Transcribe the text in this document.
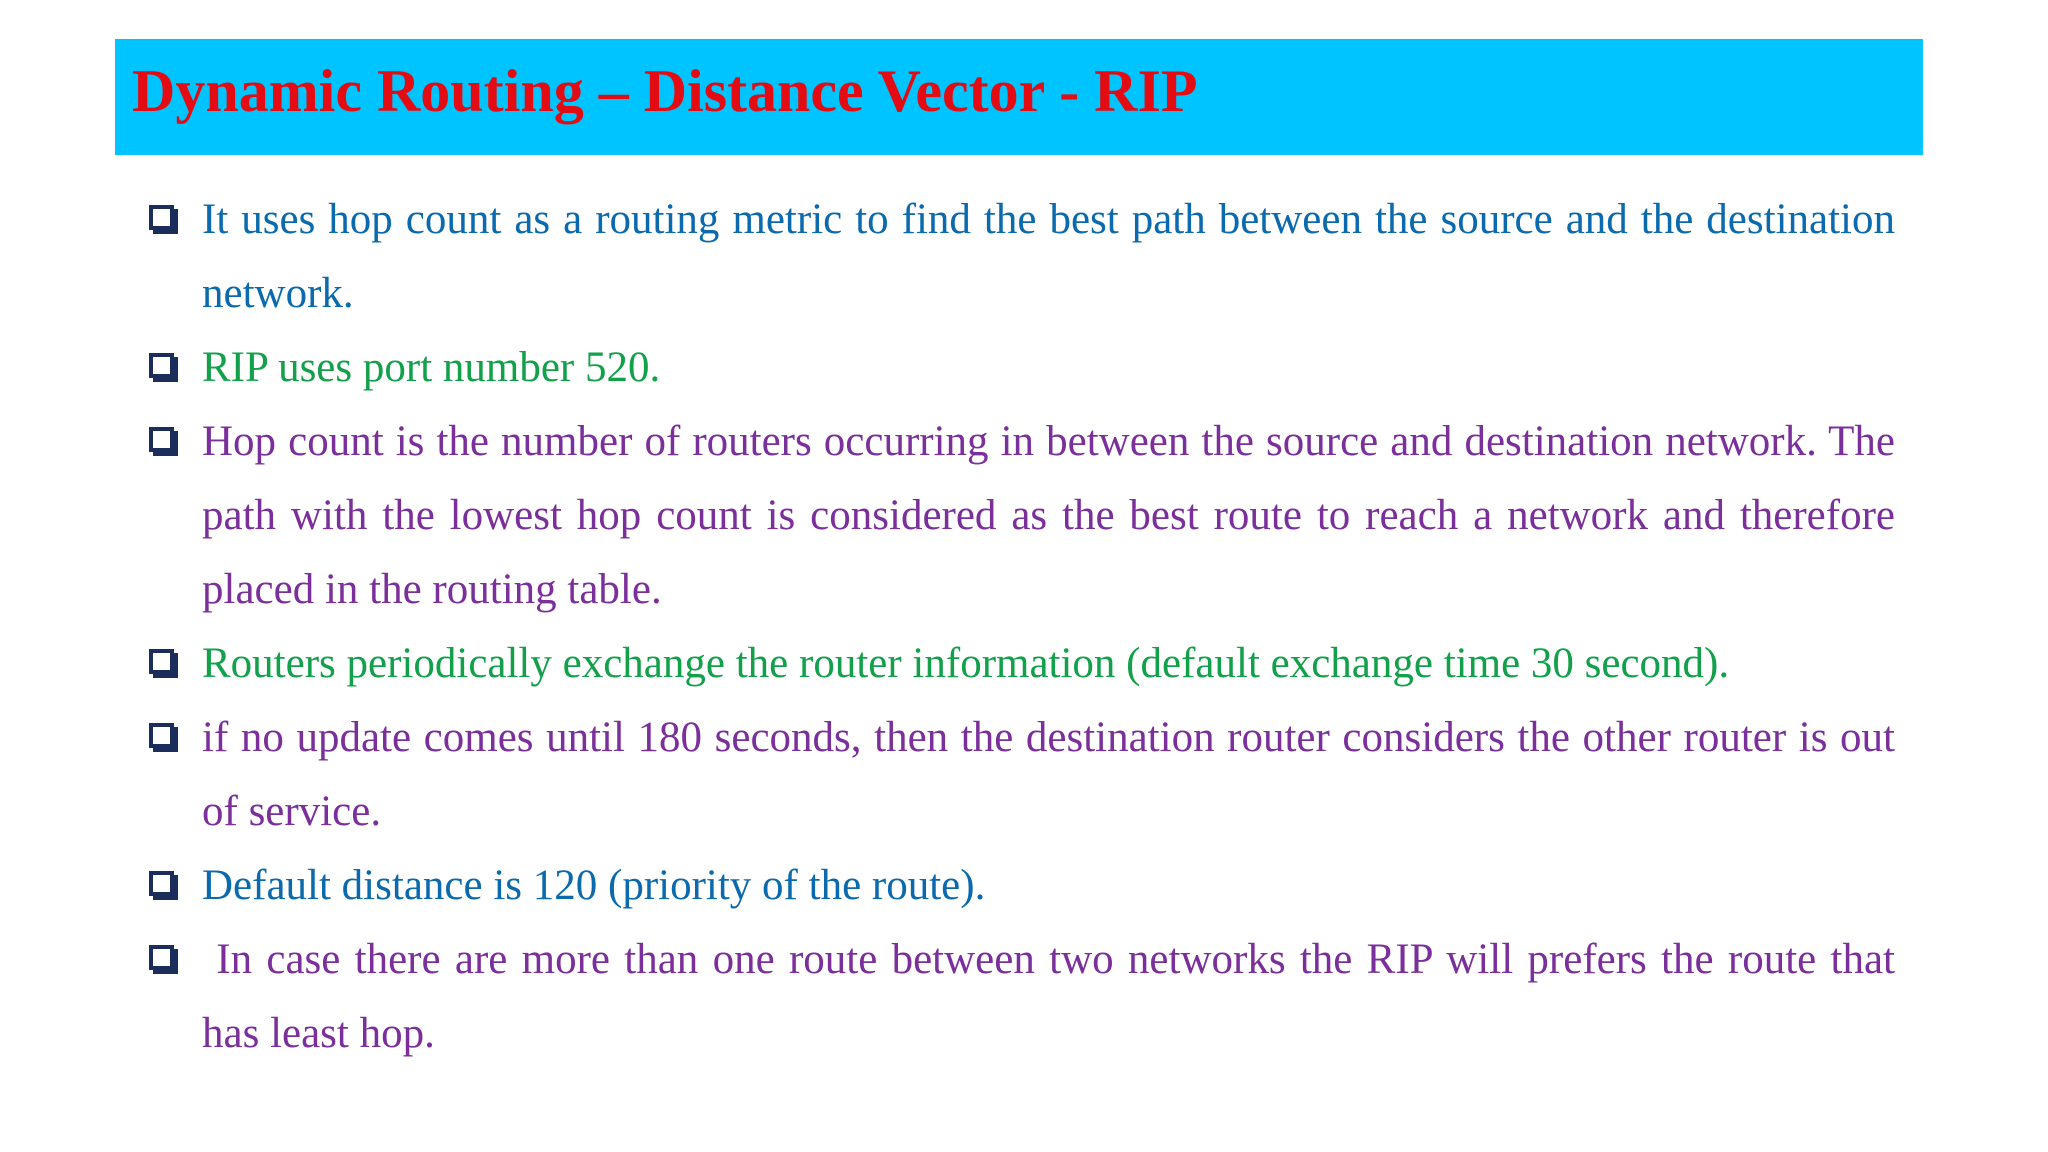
Dynamic Routing – Distance Vector - RIP
It uses hop count as a routing metric to find the best path between the source and the destination network.
RIP uses port number 520.
Hop count is the number of routers occurring in between the source and destination network. The path with the lowest hop count is considered as the best route to reach a network and therefore placed in the routing table.
Routers periodically exchange the router information (default exchange time 30 second).
if no update comes until 180 seconds, then the destination router considers the other router is out of service.
Default distance is 120 (priority of the route).
In case there are more than one route between two networks the RIP will prefers the route that has least hop.
